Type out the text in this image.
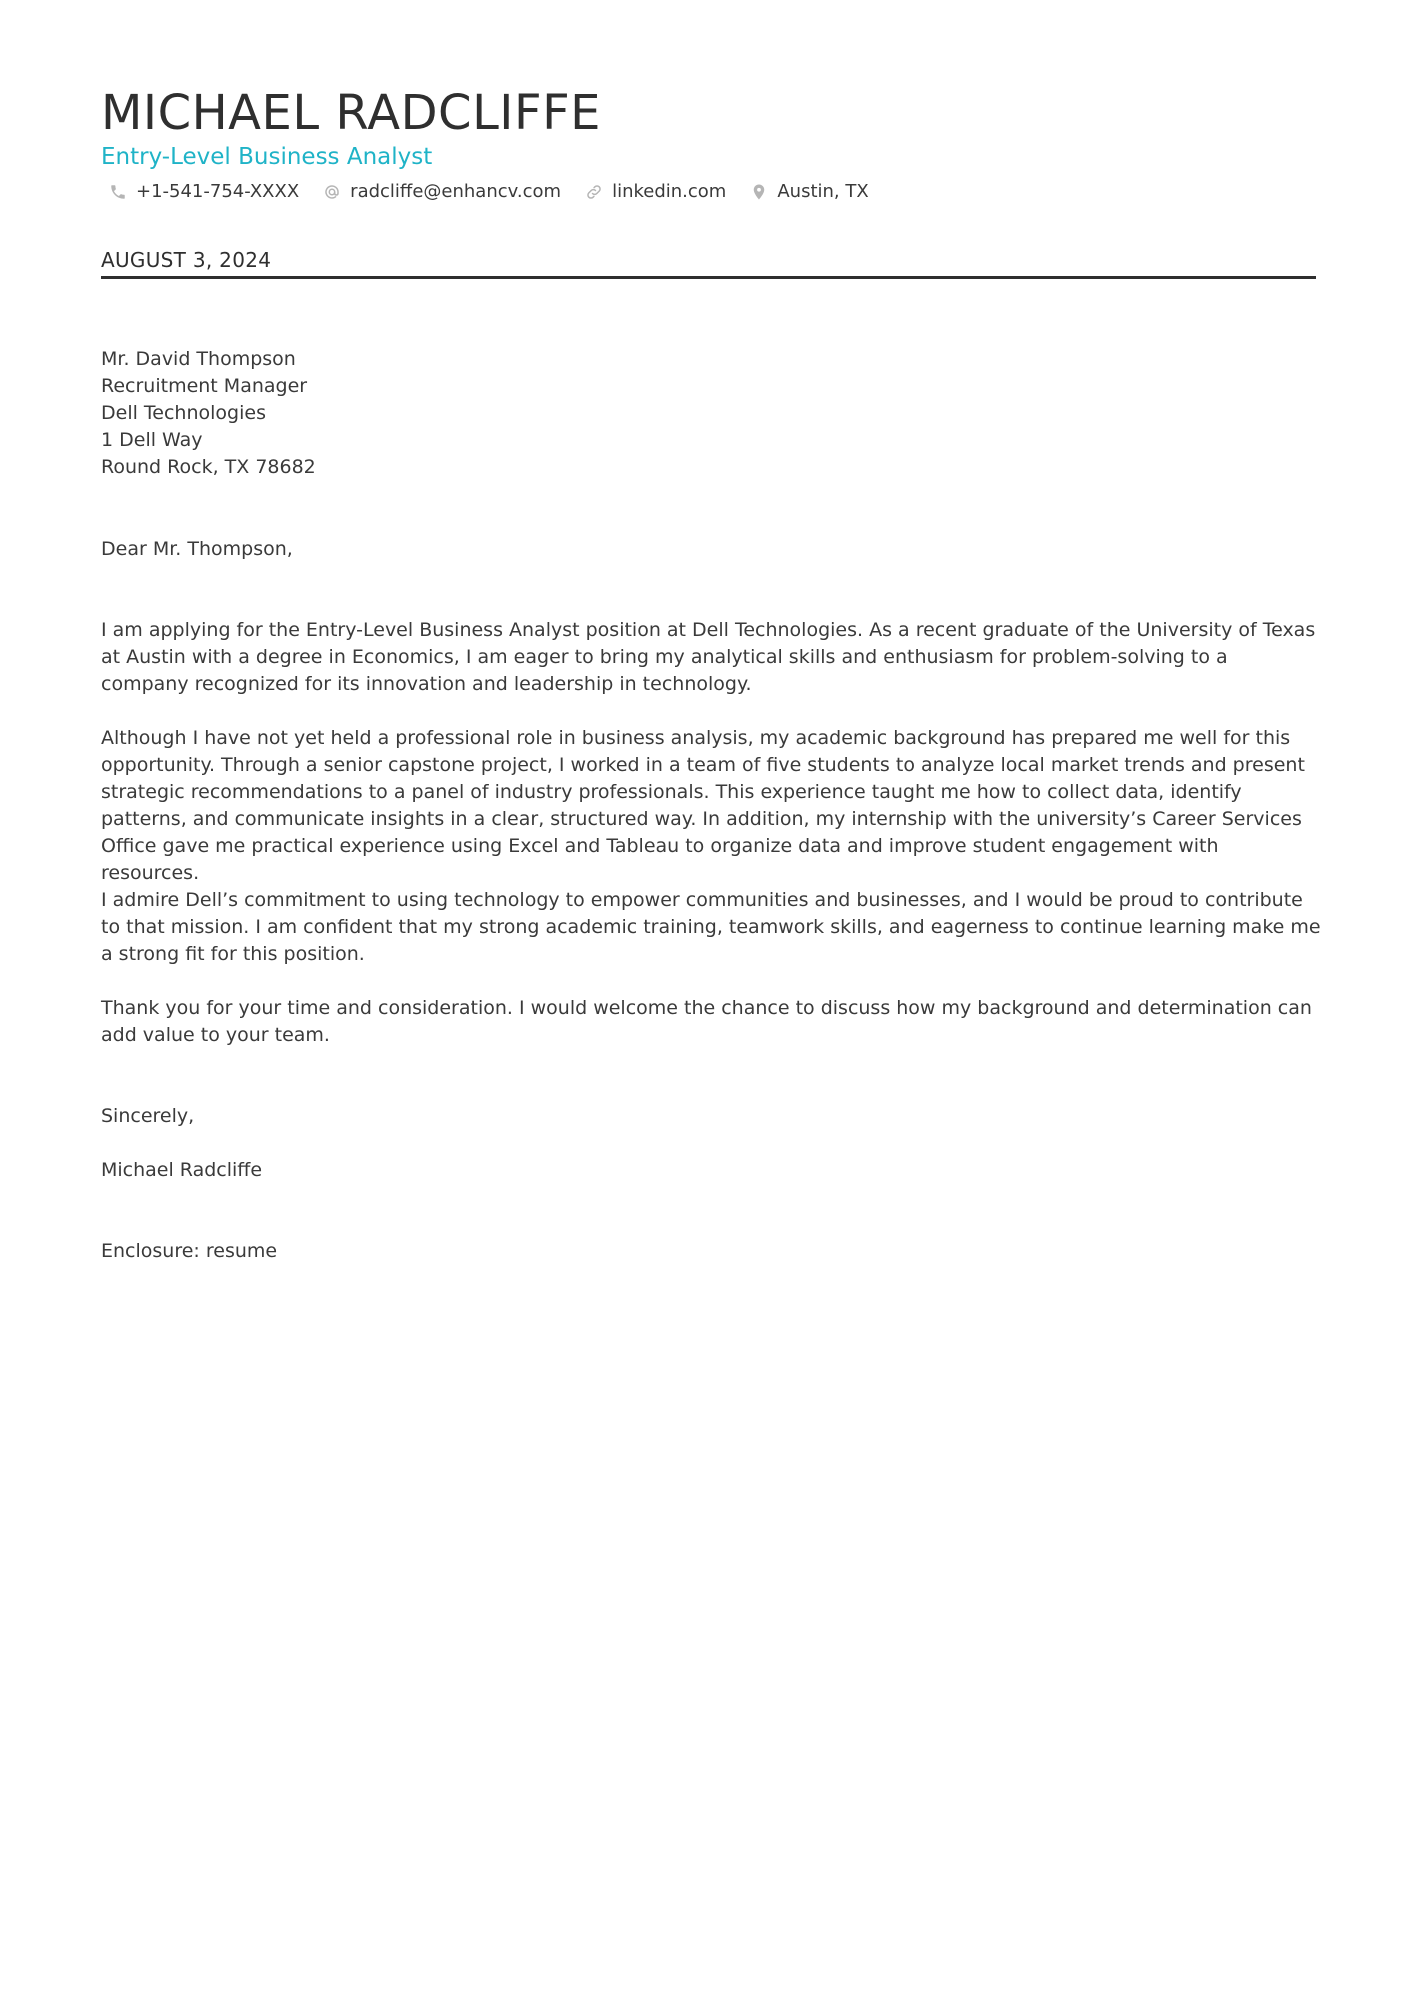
MICHAEL RADCLIFFE
Entry-Level Business Analyst
+1-541-754-XXXX	radcliffe@enhancv.com	linkedin.com	Austin, TX
AUGUST 3, 2024
Mr. David Thompson
Recruitment Manager
Dell Technologies
1 Dell Way
Round Rock, TX 78682

Dear Mr. Thompson,

I am applying for the Entry-Level Business Analyst position at Dell Technologies. As a recent graduate of the University of Texas at Austin with a degree in Economics, I am eager to bring my analytical skills and enthusiasm for problem-solving to a company recognized for its innovation and leadership in technology.

Although I have not yet held a professional role in business analysis, my academic background has prepared me well for this opportunity. Through a senior capstone project, I worked in a team of five students to analyze local market trends and present strategic recommendations to a panel of industry professionals. This experience taught me how to collect data, identify patterns, and communicate insights in a clear, structured way. In addition, my internship with the university’s Career Services Office gave me practical experience using Excel and Tableau to organize data and improve student engagement with resources.

I admire Dell’s commitment to using technology to empower communities and businesses, and I would be proud to contribute to that mission. I am confident that my strong academic training, teamwork skills, and eagerness to continue learning make me a strong fit for this position.

Thank you for your time and consideration. I would welcome the chance to discuss how my background and determination can add value to your team.

Sincerely,

Michael Radcliffe

Enclosure: resume
